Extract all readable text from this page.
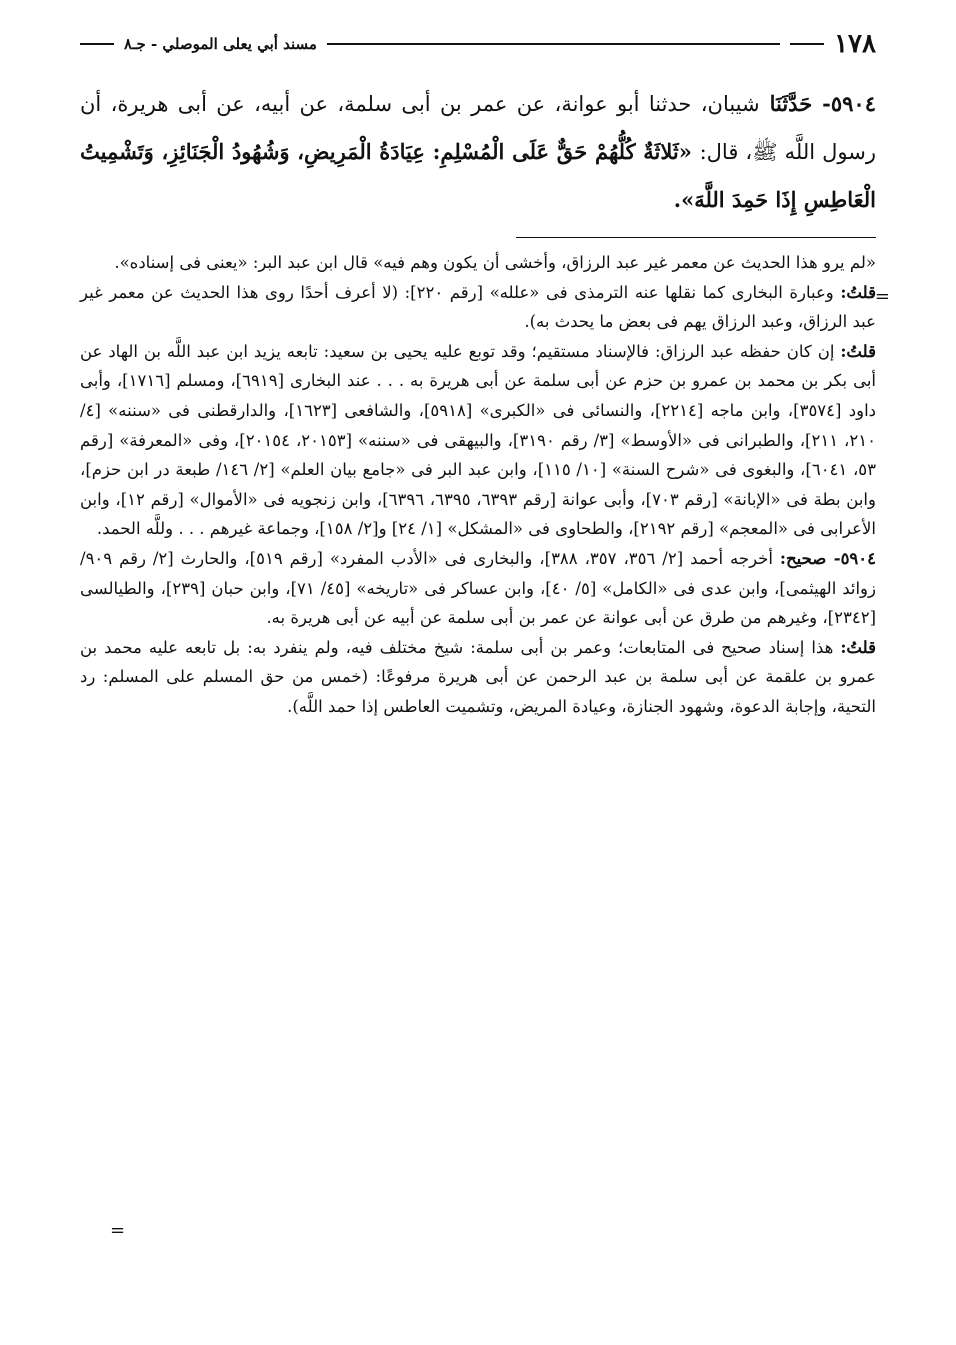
١٧٨
مسند أبي يعلى الموصلي - جـ٨
٥٩٠٤- حَدَّثَنَا شيبان، حدثنا أبو عوانة، عن عمر بن أبى سلمة، عن أبيه، عن أبى هريرة، أن رسول اللَّه ﷺ، قال: «ثَلاثَةٌ كُلُّهُمْ حَقٌّ عَلَى الْمُسْلِمِ: عِيَادَةُ الْمَرِيضِ، وَشُهُودُ الْجَنَائِزِ، وَتَشْمِيتُ الْعَاطِسِ إِذَا حَمِدَ اللَّهَ».
=

«لم يرو هذا الحديث عن معمر غير عبد الرزاق، وأخشى أن يكون وهم فيه» قال ابن عبد البر: «يعنى فى إسناده».

قلتُ: وعبارة البخارى كما نقلها عنه الترمذى فى «علله» [رقم ٢٢٠]: (لا أعرف أحدًا روى هذا الحديث عن معمر غير عبد الرزاق، وعبد الرزاق يهم فى بعض ما يحدث به).

قلتُ: إن كان حفظه عبد الرزاق: فالإسناد مستقيم؛ وقد توبع عليه يحيى بن سعيد: تابعه يزيد ابن عبد اللَّه بن الهاد عن أبى بكر بن محمد بن عمرو بن حزم عن أبى سلمة عن أبى هريرة به . . . عند البخارى [٦٩١٩]، ومسلم [١٧١٦]، وأبى داود [٣٥٧٤]، وابن ماجه [٢٢١٤]، والنسائى فى «الكبرى» [٥٩١٨]، والشافعى [١٦٢٣]، والدارقطنى فى «سننه» [٤/ ٢١٠، ٢١١]، والطبرانى فى «الأوسط» [٣/ رقم ٣١٩٠]، والبيهقى فى «سننه» [٢٠١٥٣، ٢٠١٥٤]، وفى «المعرفة» [رقم ٥٣، ٦٠٤١]، والبغوى فى «شرح السنة» [١٠/ ١١٥]، وابن عبد البر فى «جامع بيان العلم» [٢/ ١٤٦/ طبعة در ابن حزم]، وابن بطة فى «الإبانة» [رقم ٧٠٣]، وأبى عوانة [رقم ٦٣٩٣، ٦٣٩٥، ٦٣٩٦]، وابن زنجويه فى «الأموال» [رقم ١٢]، وابن الأعرابى فى «المعجم» [رقم ٢١٩٢]، والطحاوى فى «المشكل» [١/ ٢٤] و[٢/ ١٥٨]، وجماعة غيرهم . . . وللَّه الحمد.

٥٩٠٤- صحيح: أخرجه أحمد [٢/ ٣٥٦، ٣٥٧، ٣٨٨]، والبخارى فى «الأدب المفرد» [رقم ٥١٩]، والحارث [٢/ رقم ٩٠٩/ زوائد الهيثمى]، وابن عدى فى «الكامل» [٥/ ٤٠]، وابن عساكر فى «تاريخه» [٤٥/ ٧١]، وابن حبان [٢٣٩]، والطيالسى [٢٣٤٢]، وغيرهم من طرق عن أبى عوانة عن عمر بن أبى سلمة عن أبيه عن أبى هريرة به.

قلتُ: هذا إسناد صحيح فى المتابعات؛ وعمر بن أبى سلمة: شيخ مختلف فيه، ولم ينفرد به: بل تابعه عليه محمد بن عمرو بن علقمة عن أبى سلمة بن عبد الرحمن عن أبى هريرة مرفوعًا: (خمس من حق المسلم على المسلم: رد التحية، وإجابة الدعوة، وشهود الجنازة، وعيادة المريض، وتشميت العاطس إذا حمد اللَّه).

=
